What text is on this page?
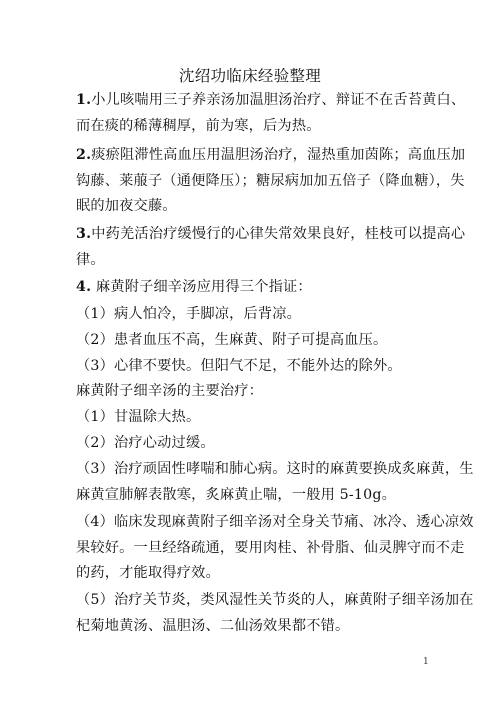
沈绍功临床经验整理
1.小儿咳喘用三子养亲汤加温胆汤治疗、辩证不在舌苔黄白、
而在痰的稀薄稠厚，前为寒，后为热。
2.痰瘀阻滞性高血压用温胆汤治疗，湿热重加茵陈；高血压加
钩藤、莱菔子（通便降压）；糖尿病加加五倍子（降血糖），失
眠的加夜交藤。
3.中药羌活治疗缓慢行的心律失常效果良好，桂枝可以提高心
律。
4. 麻黄附子细辛汤应用得三个指证：
（1）病人怕冷，手脚凉，后背凉。
（2）患者血压不高，生麻黄、附子可提高血压。
（3）心律不要快。但阳气不足，不能外达的除外。
麻黄附子细辛汤的主要治疗：
（1）甘温除大热。
（2）治疗心动过缓。
（3）治疗顽固性哮喘和肺心病。这时的麻黄要换成炙麻黄，生
麻黄宣肺解表散寒，炙麻黄止喘，一般用 5-10g。
（4）临床发现麻黄附子细辛汤对全身关节痛、冰冷、透心凉效
果较好。一旦经络疏通，要用肉桂、补骨脂、仙灵脾守而不走
的药，才能取得疗效。
（5）治疗关节炎，类风湿性关节炎的人，麻黄附子细辛汤加在
杞菊地黄汤、温胆汤、二仙汤效果都不错。
1
